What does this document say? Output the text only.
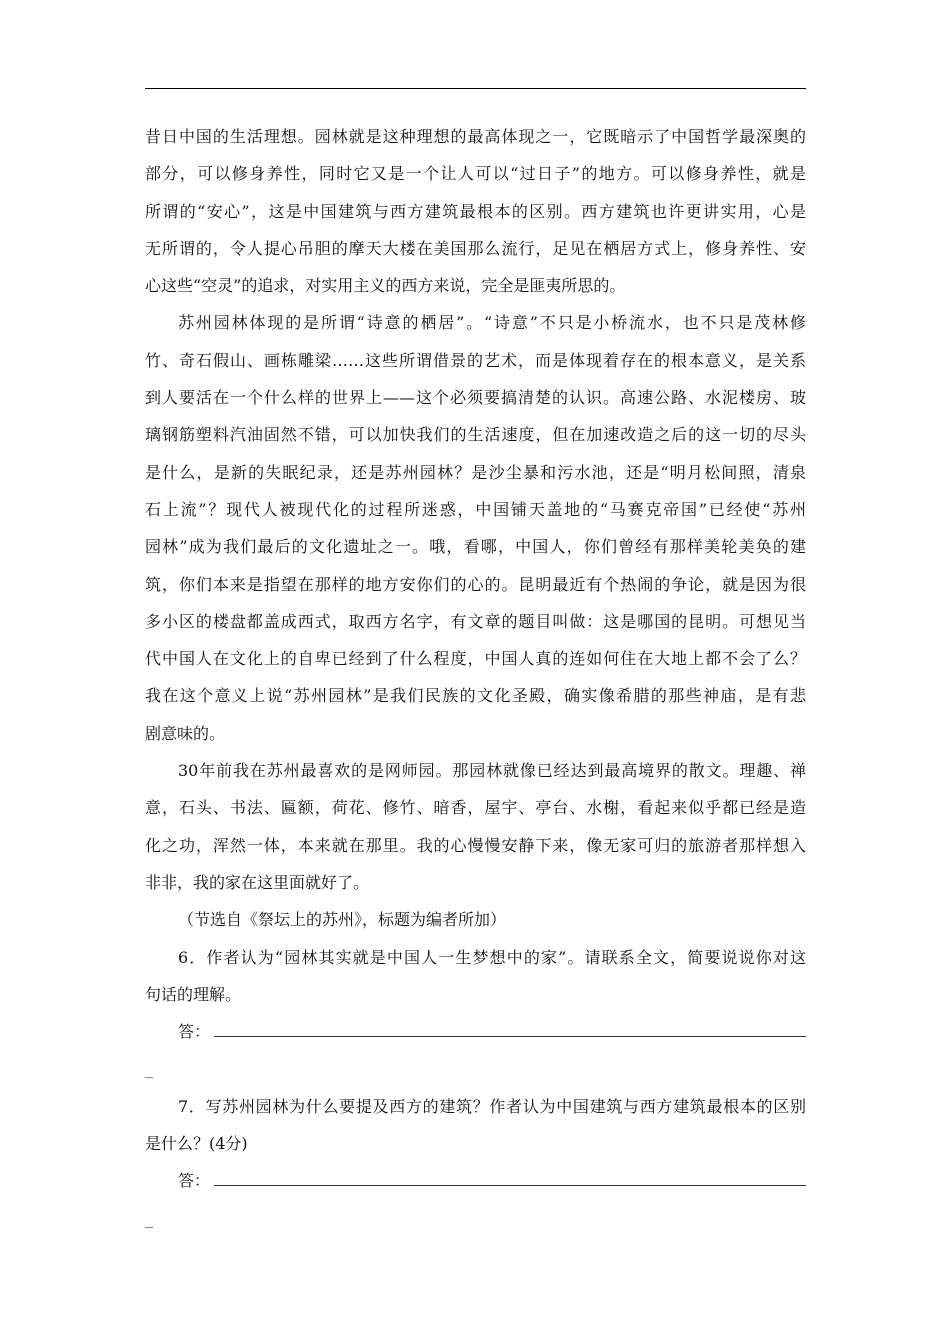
昔日中国的生活理想。园林就是这种理想的最高体现之一，它既暗示了中国哲学最深奥的
部分，可以修身养性，同时它又是一个让人可以“过日子”的地方。可以修身养性，就是
所谓的“安心”，这是中国建筑与西方建筑最根本的区别。西方建筑也许更讲实用，心是
无所谓的，令人提心吊胆的摩天大楼在美国那么流行，足见在栖居方式上，修身养性、安
心这些“空灵”的追求，对实用主义的西方来说，完全是匪夷所思的。
苏州园林体现的是所谓“诗意的栖居”。“诗意”不只是小桥流水，也不只是茂林修
竹、奇石假山、画栋雕梁……这些所谓借景的艺术，而是体现着存在的根本意义，是关系
到人要活在一个什么样的世界上——这个必须要搞清楚的认识。高速公路、水泥楼房、玻
璃钢筋塑料汽油固然不错，可以加快我们的生活速度，但在加速改造之后的这一切的尽头
是什么，是新的失眠纪录，还是苏州园林？是沙尘暴和污水池，还是“明月松间照，清泉
石上流”？现代人被现代化的过程所迷惑，中国铺天盖地的“马赛克帝国”已经使“苏州
园林”成为我们最后的文化遗址之一。哦，看哪，中国人，你们曾经有那样美轮美奂的建
筑，你们本来是指望在那样的地方安你们的心的。昆明最近有个热闹的争论，就是因为很
多小区的楼盘都盖成西式，取西方名字，有文章的题目叫做：这是哪国的昆明。可想见当
代中国人在文化上的自卑已经到了什么程度，中国人真的连如何住在大地上都不会了么？
我在这个意义上说“苏州园林”是我们民族的文化圣殿，确实像希腊的那些神庙，是有悲
剧意味的。
30年前我在苏州最喜欢的是网师园。那园林就像已经达到最高境界的散文。理趣、禅
意，石头、书法、匾额，荷花、修竹、暗香，屋宇、亭台、水榭，看起来似乎都已经是造
化之功，浑然一体，本来就在那里。我的心慢慢安静下来，像无家可归的旅游者那样想入
非非，我的家在这里面就好了。
（节选自《祭坛上的苏州》，标题为编者所加）
6．作者认为“园林其实就是中国人一生梦想中的家”。请联系全文，简要说说你对这
句话的理解。
答：
_
7．写苏州园林为什么要提及西方的建筑？作者认为中国建筑与西方建筑最根本的区别
是什么？(4分)
答：
_
